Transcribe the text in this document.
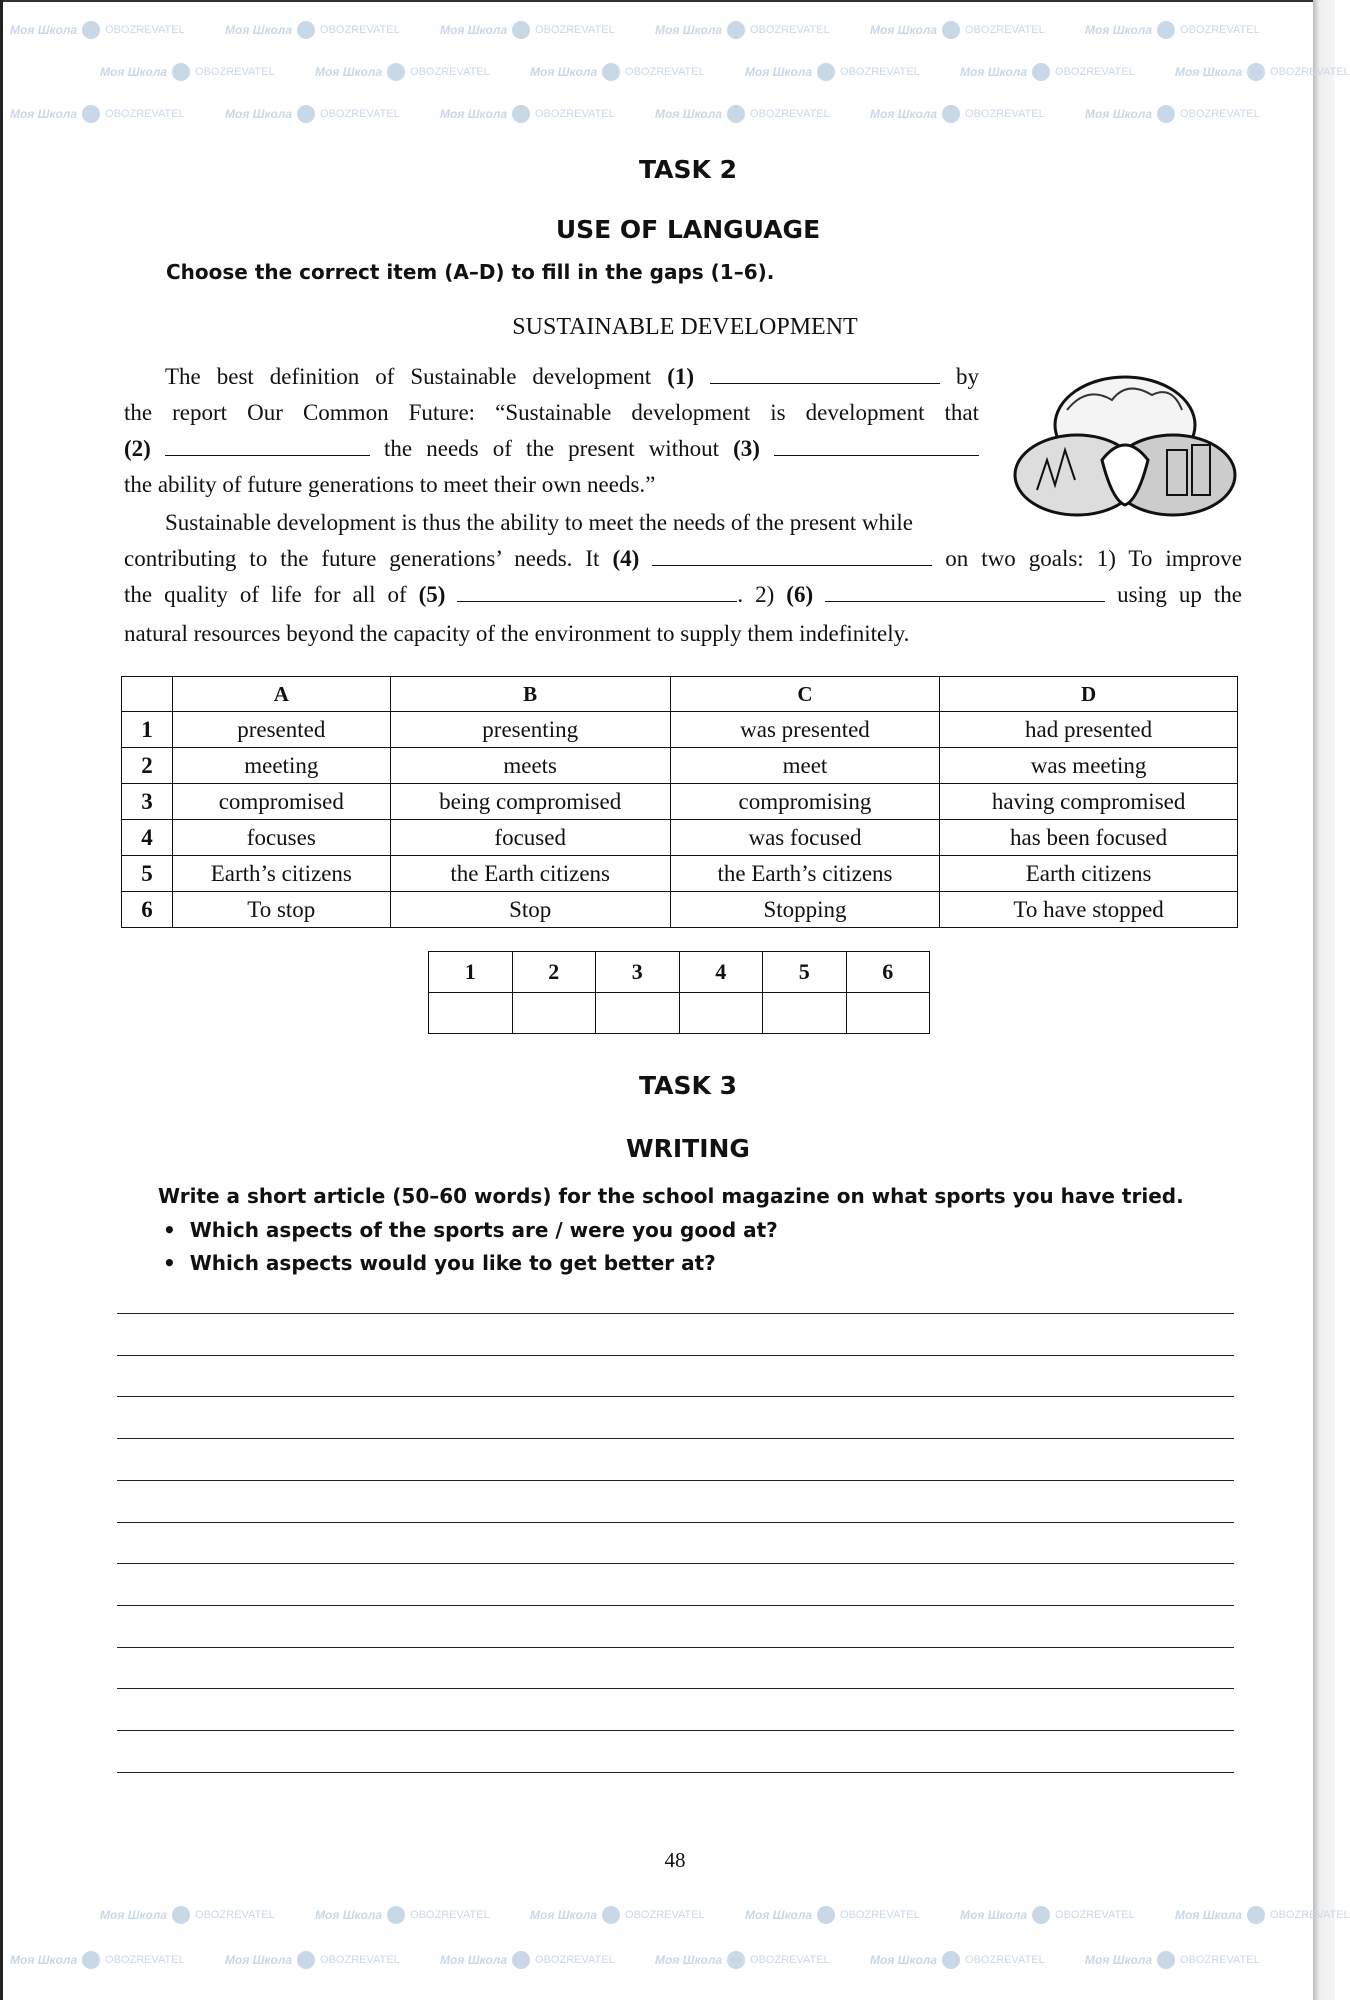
Моя Школа	OBOZREVATEL	Моя Школа	OBOZREVATEL	Моя Школа	OBOZREVATEL	Моя Школа	OBOZREVATEL	Моя Школа	OBOZREVATEL	Моя Школа	OBOZREVATEL
Моя Школа	OBOZREVATEL	Моя Школа	OBOZREVATEL	Моя Школа	OBOZREVATEL	Моя Школа	OBOZREVATEL	Моя Школа	OBOZREVATEL	Моя Школа	OBOZREVATEL
Моя Школа	OBOZREVATEL	Моя Школа	OBOZREVATEL	Моя Школа	OBOZREVATEL	Моя Школа	OBOZREVATEL	Моя Школа	OBOZREVATEL	Моя Школа	OBOZREVATEL
Моя Школа	OBOZREVATEL	Моя Школа	OBOZREVATEL	Моя Школа	OBOZREVATEL	Моя Школа	OBOZREVATEL	Моя Школа	OBOZREVATEL	Моя Школа	OBOZREVATEL
Моя Школа	OBOZREVATEL	Моя Школа	OBOZREVATEL	Моя Школа	OBOZREVATEL	Моя Школа	OBOZREVATEL	Моя Школа	OBOZREVATEL	Моя Школа	OBOZREVATEL
TASK 2
USE OF LANGUAGE
Choose the correct item (A–D) to fill in the gaps (1–6).
SUSTAINABLE DEVELOPMENT
The best definition of Sustainable development (1)	by
the report Our Common Future: “Sustainable development is development that
(2)	the needs of the present without (3)
the ability of future generations to meet their own needs.”
Sustainable development is thus the ability to meet the needs of the present while
contributing to the future generations’ needs. It (4)	on two goals: 1) To improve
the quality of life for all of (5)	. 2) (6)	using up the
natural resources beyond the capacity of the environment to supply them indefinitely.
	A	B	C	D
1	presented	presenting	was presented	had presented
2	meeting	meets	meet	was meeting
3	compromised	being compromised	compromising	having compromised
4	focuses	focused	was focused	has been focused
5	Earth’s citizens	the Earth citizens	the Earth’s citizens	Earth citizens
6	To stop	Stop	Stopping	To have stopped
1	2	3	4	5	6

TASK 3
WRITING
Write a short article (50–60 words) for the school magazine on what sports you have tried.
•  Which aspects of the sports are / were you good at?
•  Which aspects would you like to get better at?
48
